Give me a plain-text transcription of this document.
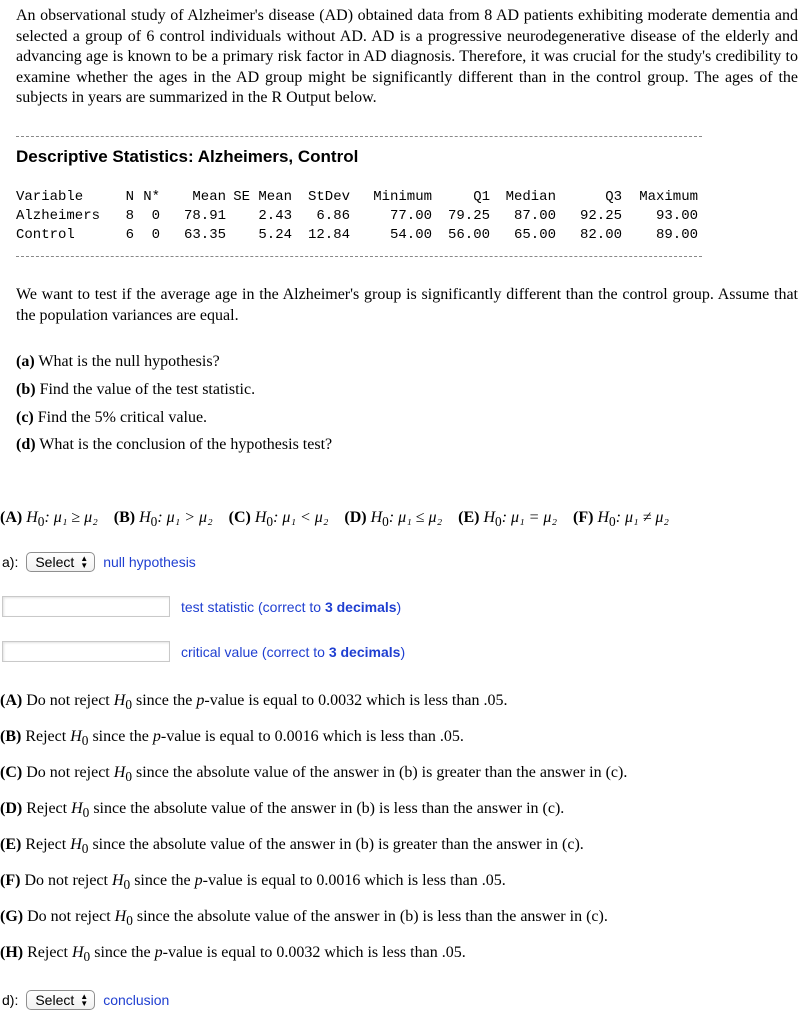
An observational study of Alzheimer's disease (AD) obtained data from 8 AD patients exhibiting moderate dementia and selected a group of 6 control individuals without AD. AD is a progressive neurodegenerative disease of the elderly and advancing age is known to be a primary risk factor in AD diagnosis. Therefore, it was crucial for the study's credibility to examine whether the ages in the AD group might be significantly different than in the control group. The ages of the subjects in years are summarized in the R Output below.
Descriptive Statistics: Alzheimers, Control
Variable	N	N*	Mean	SE Mean	StDev	Minimum	Q1	Median	Q3	Maximum
Alzheimers	8	0	78.91	2.43	6.86	77.00	79.25	87.00	92.25	93.00
Control	6	0	63.35	5.24	12.84	54.00	56.00	65.00	82.00	89.00
We want to test if the average age in the Alzheimer's group is significantly different than the control group. Assume that the population variances are equal.
(a) What is the null hypothesis?
(b) Find the value of the test statistic.
(c) Find the 5% critical value.
(d) What is the conclusion of the hypothesis test?
(A) $H_0$: μ₁ ≥ μ₂ (B) $H_0$: μ₁ > μ₂ (C) $H_0$: μ₁ < μ₂ (D) $H_0$: μ₁ ≤ μ₂ (E) $H_0$: μ₁ = μ₂ (F) $H_0$: μ₁ ≠ μ₂
a): Select ▲
▼ null hypothesis
test statistic (correct to 3 decimals)
critical value (correct to 3 decimals)
(A) Do not reject $H_0$ since the p-value is equal to 0.0032 which is less than .05.
(B) Reject $H_0$ since the p-value is equal to 0.0016 which is less than .05.
(C) Do not reject $H_0$ since the absolute value of the answer in (b) is greater than the answer in (c).
(D) Reject $H_0$ since the absolute value of the answer in (b) is less than the answer in (c).
(E) Reject $H_0$ since the absolute value of the answer in (b) is greater than the answer in (c).
(F) Do not reject $H_0$ since the p-value is equal to 0.0016 which is less than .05.
(G) Do not reject $H_0$ since the absolute value of the answer in (b) is less than the answer in (c).
(H) Reject $H_0$ since the p-value is equal to 0.0032 which is less than .05.
d): Select ▲
▼ conclusion
